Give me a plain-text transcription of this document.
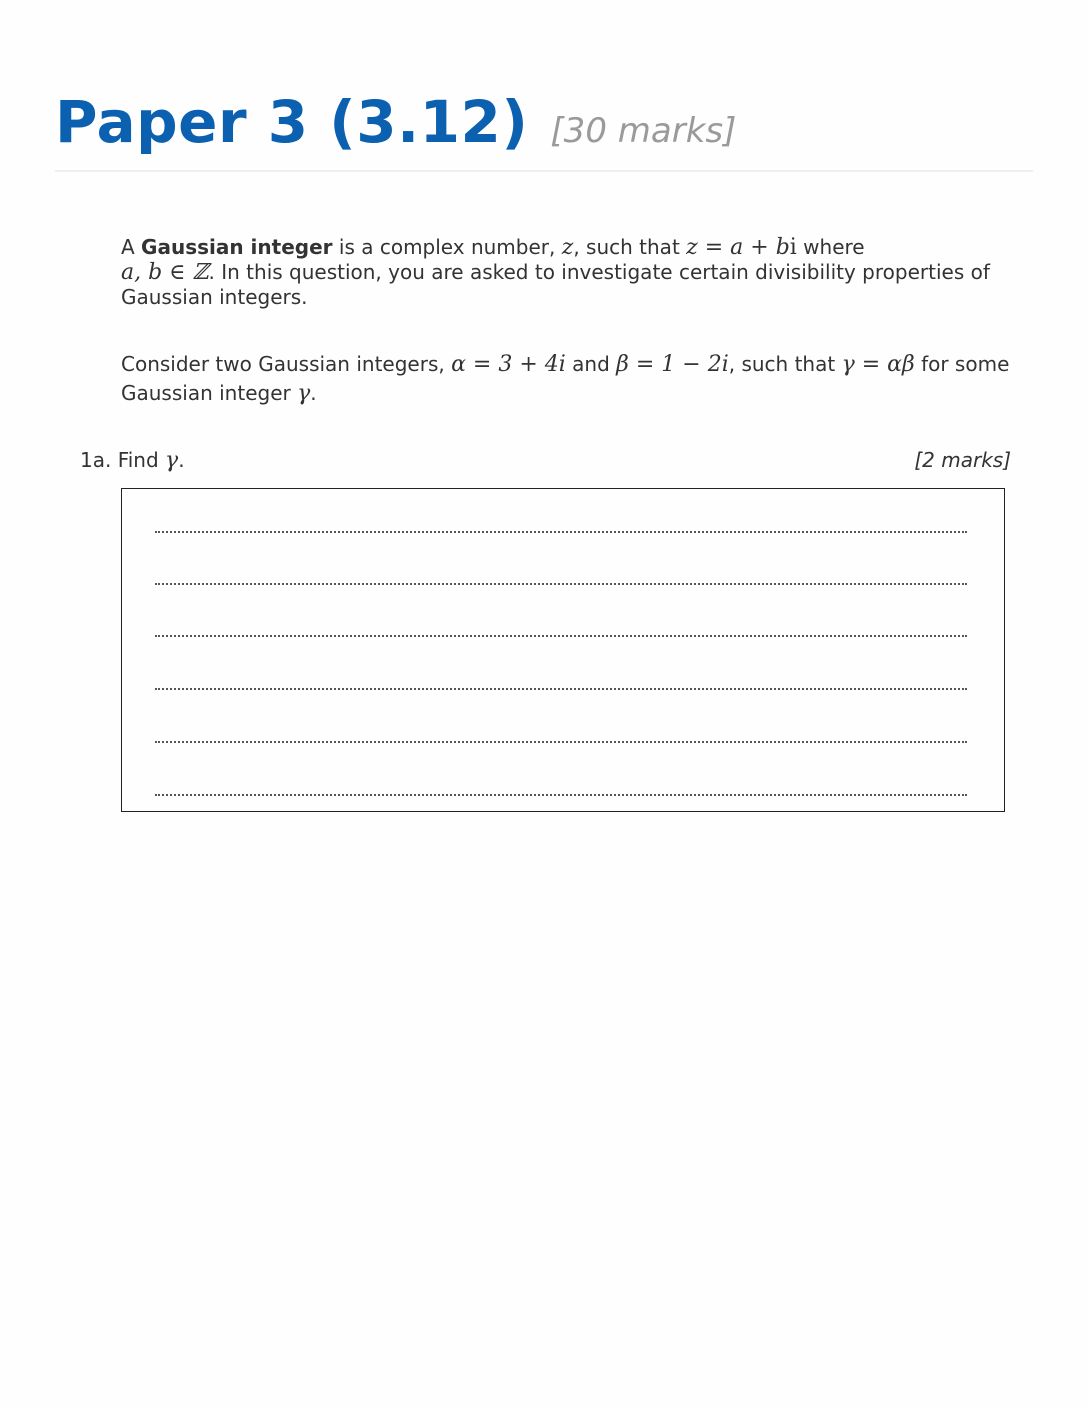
Paper 3 (3.12) [30 marks]
A Gaussian integer is a complex number, z, such that z = a + bi where
a, b ∈ ℤ. In this question, you are asked to investigate certain divisibility properties of Gaussian integers.
Consider two Gaussian integers, α = 3 + 4i and β = 1 − 2i, such that γ = αβ for some Gaussian integer γ.
1a. Find γ.	[2 marks]
